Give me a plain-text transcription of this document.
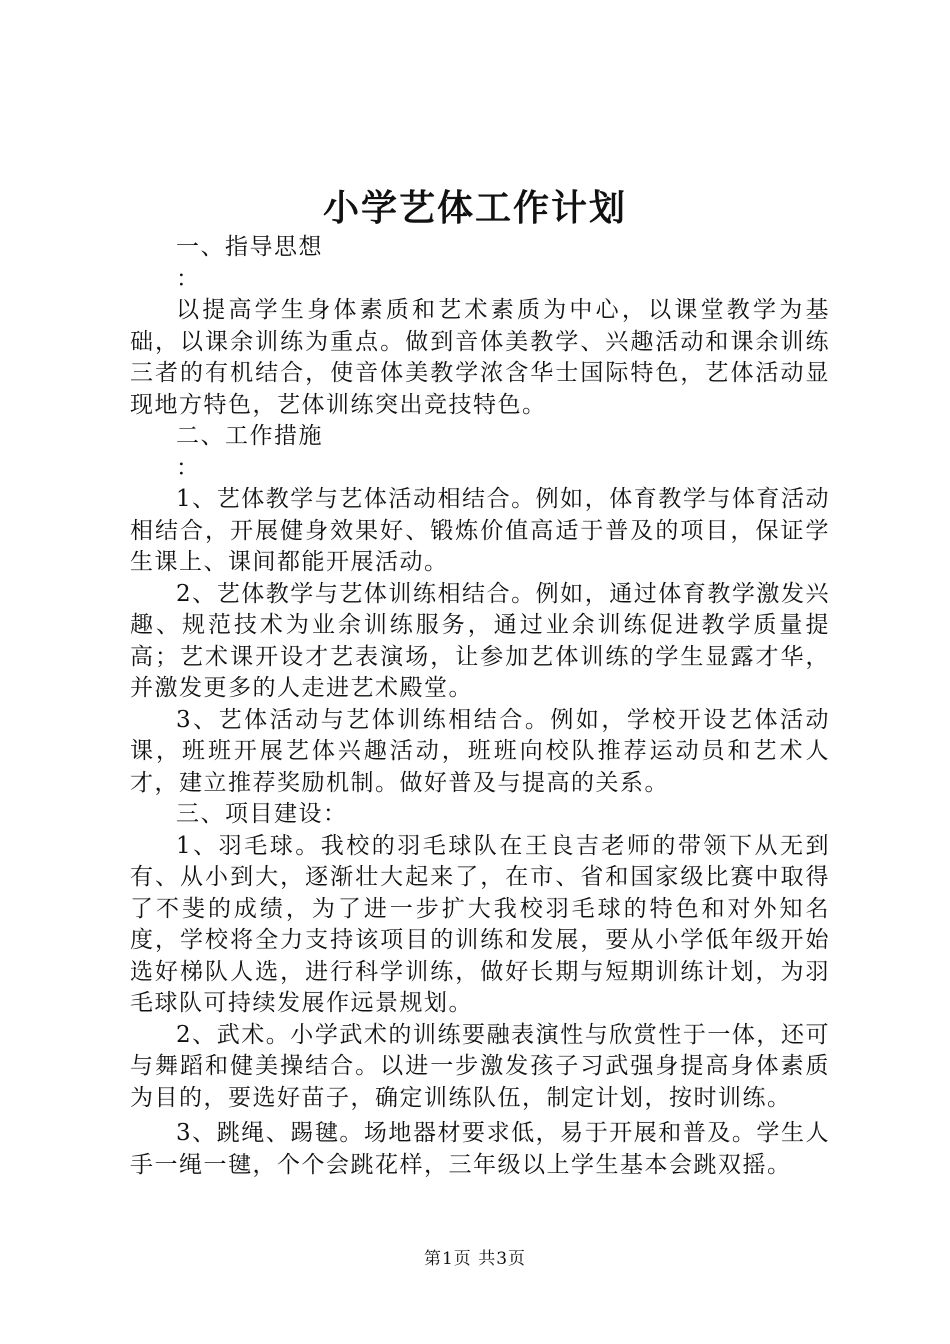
小学艺体工作计划

一、指导思想

：

以提高学生身体素质和艺术素质为中心，以课堂教学为基础，以课余训练为重点。做到音体美教学、兴趣活动和课余训练三者的有机结合，使音体美教学浓含华士国际特色，艺体活动显现地方特色，艺体训练突出竞技特色。

二、工作措施

：

1、艺体教学与艺体活动相结合。例如，体育教学与体育活动相结合，开展健身效果好、锻炼价值高适于普及的项目，保证学生课上、课间都能开展活动。

2、艺体教学与艺体训练相结合。例如，通过体育教学激发兴趣、规范技术为业余训练服务，通过业余训练促进教学质量提高；艺术课开设才艺表演场，让参加艺体训练的学生显露才华，并激发更多的人走进艺术殿堂。

3、艺体活动与艺体训练相结合。例如，学校开设艺体活动课，班班开展艺体兴趣活动，班班向校队推荐运动员和艺术人才，建立推荐奖励机制。做好普及与提高的关系。

三、项目建设：

1、羽毛球。我校的羽毛球队在王良吉老师的带领下从无到有、从小到大，逐渐壮大起来了，在市、省和国家级比赛中取得了不斐的成绩，为了进一步扩大我校羽毛球的特色和对外知名度，学校将全力支持该项目的训练和发展，要从小学低年级开始选好梯队人选，进行科学训练，做好长期与短期训练计划，为羽毛球队可持续发展作远景规划。

2、武术。小学武术的训练要融表演性与欣赏性于一体，还可与舞蹈和健美操结合。以进一步激发孩子习武强身提高身体素质为目的，要选好苗子，确定训练队伍，制定计划，按时训练。

3、跳绳、踢毽。场地器材要求低，易于开展和普及。学生人手一绳一毽，个个会跳花样，三年级以上学生基本会跳双摇。

第1页 共3页
